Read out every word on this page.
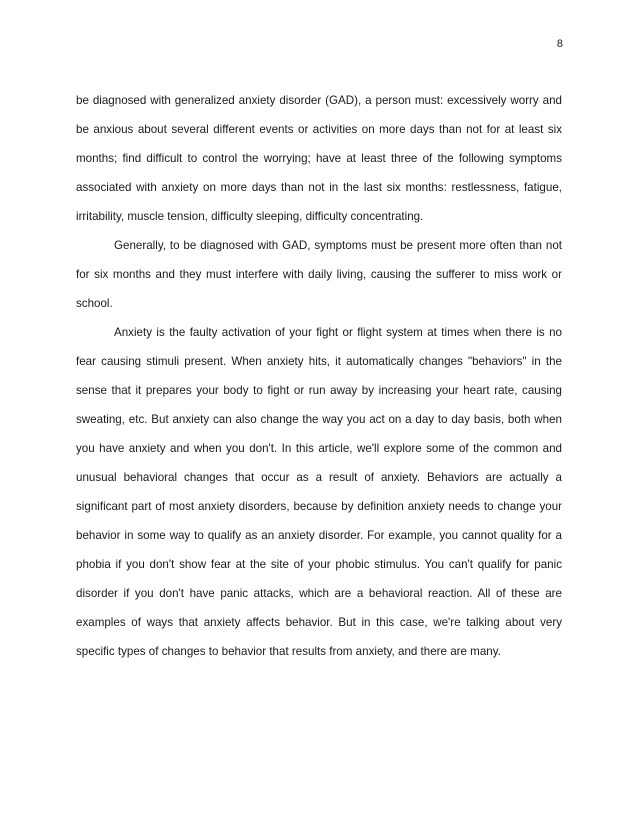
8

be diagnosed with generalized anxiety disorder (GAD), a person must: excessively worry and be anxious about several different events or activities on more days than not for at least six months; find difficult to control the worrying; have at least three of the following symptoms associated with anxiety on more days than not in the last six months: restlessness, fatigue, irritability, muscle tension, difficulty sleeping, difficulty concentrating.

Generally, to be diagnosed with GAD, symptoms must be present more often than not for six months and they must interfere with daily living, causing the sufferer to miss work or school.

Anxiety is the faulty activation of your fight or flight system at times when there is no fear causing stimuli present. When anxiety hits, it automatically changes "behaviors" in the sense that it prepares your body to fight or run away by increasing your heart rate, causing sweating, etc. But anxiety can also change the way you act on a day to day basis, both when you have anxiety and when you don't. In this article, we'll explore some of the common and unusual behavioral changes that occur as a result of anxiety. Behaviors are actually a significant part of most anxiety disorders, because by definition anxiety needs to change your behavior in some way to qualify as an anxiety disorder. For example, you cannot quality for a phobia if you don't show fear at the site of your phobic stimulus. You can't qualify for panic disorder if you don't have panic attacks, which are a behavioral reaction. All of these are examples of ways that anxiety affects behavior. But in this case, we're talking about very specific types of changes to behavior that results from anxiety, and there are many.
